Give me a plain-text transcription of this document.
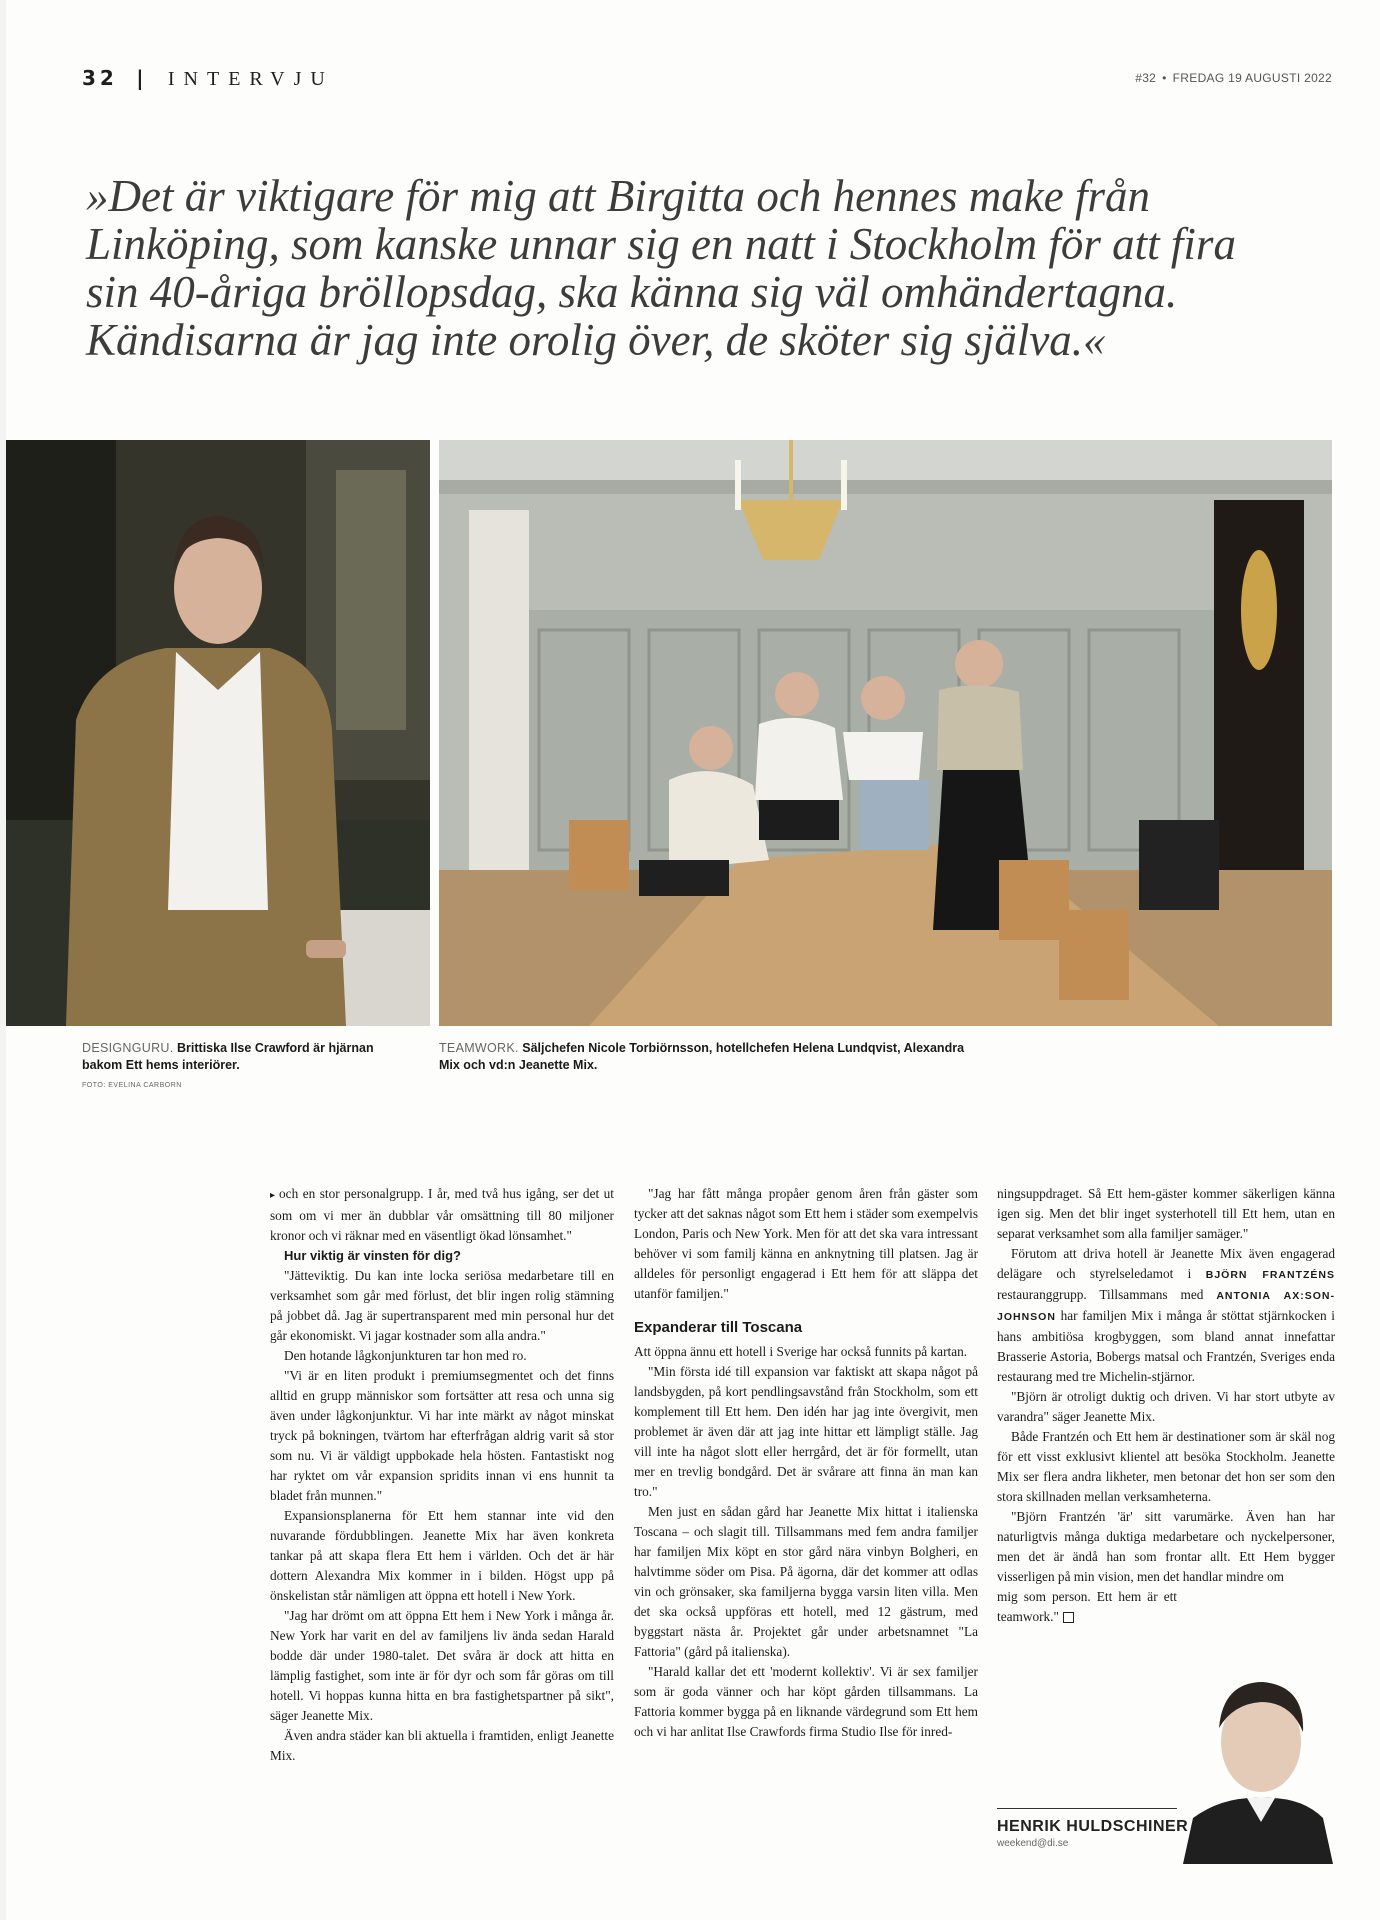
32 | INTERVJU	#32 • FREDAG 19 AUGUSTI 2022

»Det är viktigare för mig att Birgitta och hennes make från Linköping, som kanske unnar sig en natt i Stockholm för att fira sin 40-åriga bröllopsdag, ska känna sig väl omhändertagna. Kändisarna är jag inte orolig över, de sköter sig själva.«

DESIGNGURU. Brittiska Ilse Crawford är hjärnan bakom Ett hems interiörer.
FOTO: EVELINA CARBORN
TEAMWORK. Säljchefen Nicole Torbiörnsson, hotellchefen Helena Lundqvist, Alexandra Mix och vd:n Jeanette Mix.

▸ och en stor personalgrupp. I år, med två hus igång, ser det ut som om vi mer än dubblar vår omsättning till 80 miljoner kronor och vi räknar med en väsentligt ökad lönsamhet."

Hur viktig är vinsten för dig?

"Jätteviktig. Du kan inte locka seriösa medarbetare till en verksamhet som går med förlust, det blir ingen rolig stämning på jobbet då. Jag är supertransparent med min personal hur det går ekonomiskt. Vi jagar kostnader som alla andra."

Den hotande lågkonjunkturen tar hon med ro.

"Vi är en liten produkt i premiumsegmentet och det finns alltid en grupp människor som fortsätter att resa och unna sig även under lågkonjunktur. Vi har inte märkt av något minskat tryck på bokningen, tvärtom har efterfrågan aldrig varit så stor som nu. Vi är väldigt uppbokade hela hösten. Fantastiskt nog har ryktet om vår expansion spridits innan vi ens hunnit ta bladet från munnen."

Expansionsplanerna för Ett hem stannar inte vid den nuvarande fördubblingen. Jeanette Mix har även konkreta tankar på att skapa flera Ett hem i världen. Och det är här dottern Alexandra Mix kommer in i bilden. Högst upp på önskelistan står nämligen att öppna ett hotell i New York.

"Jag har drömt om att öppna Ett hem i New York i många år. New York har varit en del av familjens liv ända sedan Harald bodde där under 1980-talet. Det svåra är dock att hitta en lämplig fastighet, som inte är för dyr och som får göras om till hotell. Vi hoppas kunna hitta en bra fastighetspartner på sikt", säger Jeanette Mix.

Även andra städer kan bli aktuella i framtiden, enligt Jeanette Mix.

"Jag har fått många propåer genom åren från gäster som tycker att det saknas något som Ett hem i städer som exempelvis London, Paris och New York. Men för att det ska vara intressant behöver vi som familj känna en anknytning till platsen. Jag är alldeles för personligt engagerad i Ett hem för att släppa det utanför familjen."

Expanderar till Toscana

Att öppna ännu ett hotell i Sverige har också funnits på kartan.

"Min första idé till expansion var faktiskt att skapa något på landsbygden, på kort pendlingsavstånd från Stockholm, som ett komplement till Ett hem. Den idén har jag inte övergivit, men problemet är även där att jag inte hittar ett lämpligt ställe. Jag vill inte ha något slott eller herrgård, det är för formellt, utan mer en trevlig bondgård. Det är svårare att finna än man kan tro."

Men just en sådan gård har Jeanette Mix hittat i italienska Toscana – och slagit till. Tillsammans med fem andra familjer har familjen Mix köpt en stor gård nära vinbyn Bolgheri, en halvtimme söder om Pisa. På ägorna, där det kommer att odlas vin och grönsaker, ska familjerna bygga varsin liten villa. Men det ska också uppföras ett hotell, med 12 gästrum, med byggstart nästa år. Projektet går under arbetsnamnet "La Fattoria" (gård på italienska).

"Harald kallar det ett 'modernt kollektiv'. Vi är sex familjer som är goda vänner och har köpt gården tillsammans. La Fattoria kommer bygga på en liknande värdegrund som Ett hem och vi har anlitat Ilse Crawfords firma Studio Ilse för inred-

ningsuppdraget. Så Ett hem-gäster kommer säkerligen känna igen sig. Men det blir inget systerhotell till Ett hem, utan en separat verksamhet som alla familjer samäger."

Förutom att driva hotell är Jeanette Mix även engagerad delägare och styrelseledamot i BJÖRN FRANTZÉNS restauranggrupp. Tillsammans med ANTONIA AX:SON-JOHNSON har familjen Mix i många år stöttat stjärnkocken i hans ambitiösa krogbyggen, som bland annat innefattar Brasserie Astoria, Bobergs matsal och Frantzén, Sveriges enda restaurang med tre Michelin-stjärnor.

"Björn är otroligt duktig och driven. Vi har stort utbyte av varandra" säger Jeanette Mix.

Både Frantzén och Ett hem är destinationer som är skäl nog för ett visst exklusivt klientel att besöka Stockholm. Jeanette Mix ser flera andra likheter, men betonar det hon ser som den stora skillnaden mellan verksamheterna.

"Björn Frantzén 'är' sitt varumärke. Även han har naturligtvis många duktiga medarbetare och nyckelpersoner, men det är ändå han som frontar allt. Ett Hem bygger visserligen på min vision, men det handlar mindre om

mig som person. Ett hem är ett teamwork."

HENRIK HULDSCHINER
weekend@di.se
